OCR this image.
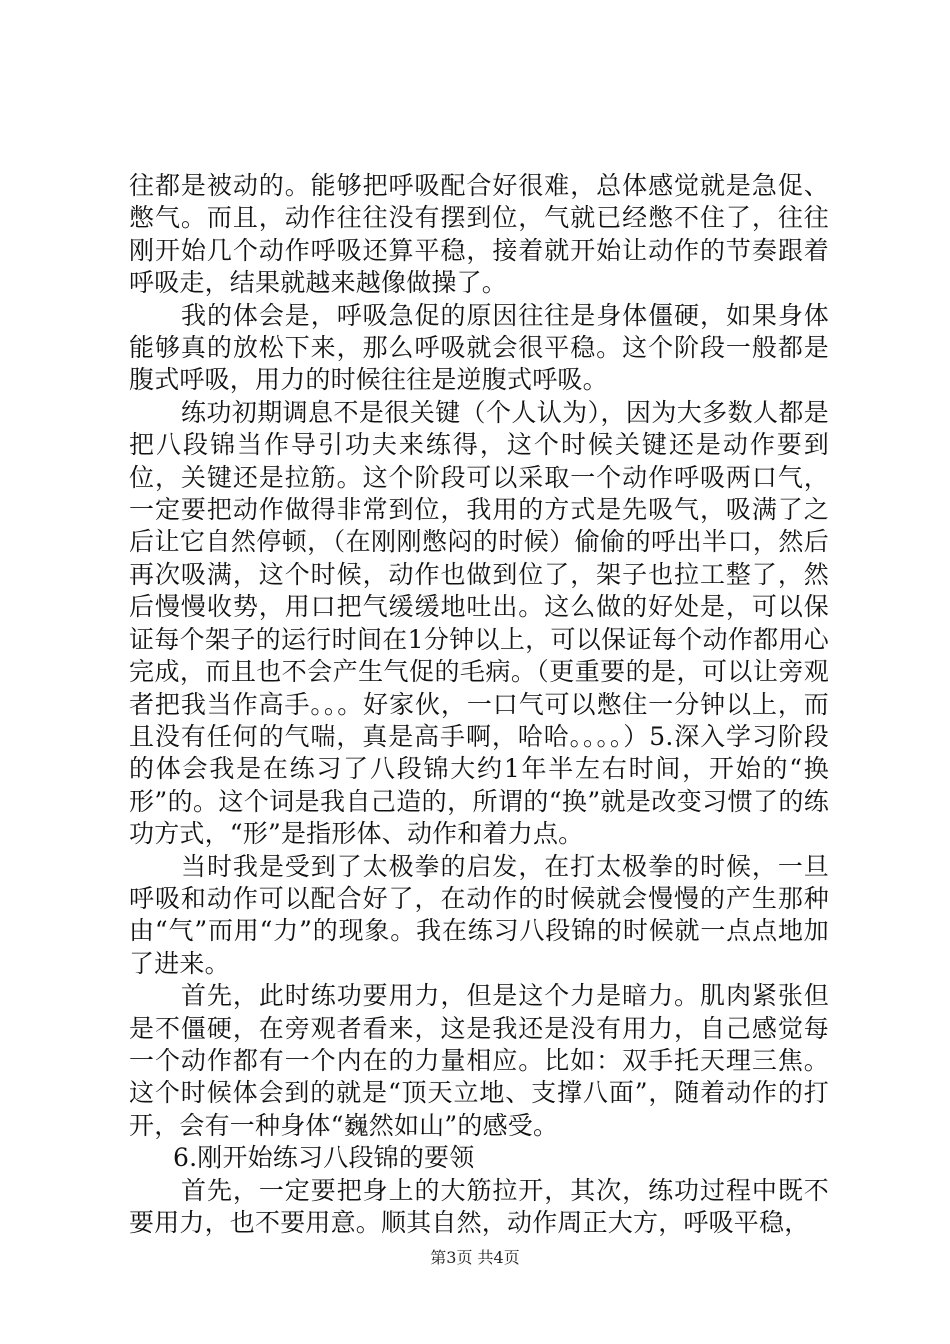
往都是被动的。能够把呼吸配合好很难，总体感觉就是急促、憋气。而且，动作往往没有摆到位，气就已经憋不住了，往往刚开始几个动作呼吸还算平稳，接着就开始让动作的节奏跟着呼吸走，结果就越来越像做操了。

我的体会是，呼吸急促的原因往往是身体僵硬，如果身体能够真的放松下来，那么呼吸就会很平稳。这个阶段一般都是腹式呼吸，用力的时候往往是逆腹式呼吸。

练功初期调息不是很关键（个人认为），因为大多数人都是把八段锦当作导引功夫来练得，这个时候关键还是动作要到位，关键还是拉筋。这个阶段可以采取一个动作呼吸两口气，一定要把动作做得非常到位，我用的方式是先吸气，吸满了之后让它自然停顿，（在刚刚憋闷的时候）偷偷的呼出半口，然后再次吸满，这个时候，动作也做到位了，架子也拉工整了，然后慢慢收势，用口把气缓缓地吐出。这么做的好处是，可以保证每个架子的运行时间在1分钟以上，可以保证每个动作都用心完成，而且也不会产生气促的毛病。（更重要的是，可以让旁观者把我当作高手。。。好家伙，一口气可以憋住一分钟以上，而且没有任何的气喘，真是高手啊，哈哈。。。。）5.深入学习阶段的体会我是在练习了八段锦大约1年半左右时间，开始的“换形”的。这个词是我自己造的，所谓的“换”就是改变习惯了的练功方式，“形”是指形体、动作和着力点。

当时我是受到了太极拳的启发，在打太极拳的时候，一旦呼吸和动作可以配合好了，在动作的时候就会慢慢的产生那种由“气”而用“力”的现象。我在练习八段锦的时候就一点点地加了进来。

首先，此时练功要用力，但是这个力是暗力。肌肉紧张但是不僵硬，在旁观者看来，这是我还是没有用力，自己感觉每一个动作都有一个内在的力量相应。比如：双手托天理三焦。这个时候体会到的就是“顶天立地、支撑八面”，随着动作的打开，会有一种身体“巍然如山”的感受。

6.刚开始练习八段锦的要领

首先，一定要把身上的大筋拉开，其次，练功过程中既不要用力，也不要用意。顺其自然，动作周正大方，呼吸平稳，

第3页 共4页
